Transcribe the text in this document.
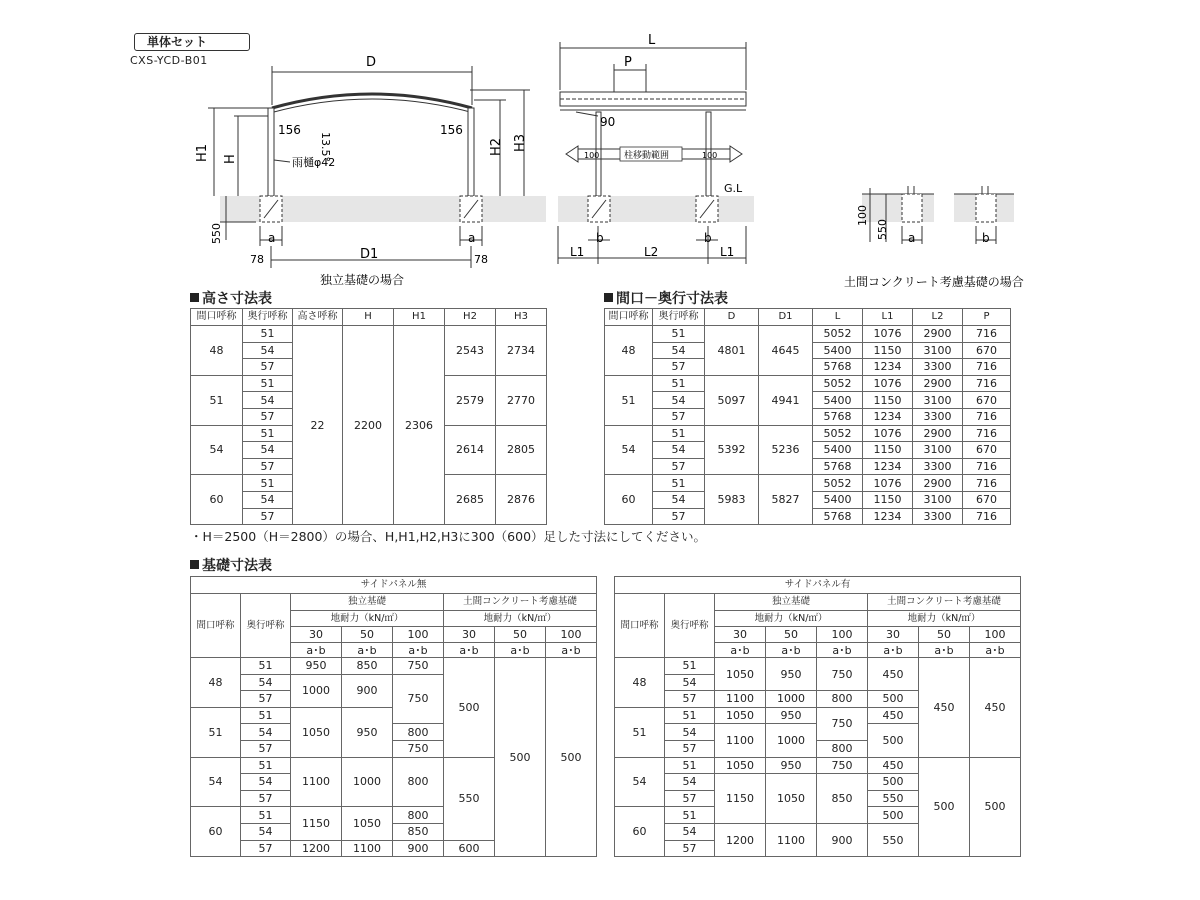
単体セット
CXS-YCD-B01	D
H1 H
156	156
13.5°
雨樋φ42
H2 H3
550	a	a
D1
78	78
独立基礎の場合
L
P
90
柱移動範囲
100	100
G.L
b	b
L1	L2	L1
100
550 a	b
土間コンクリート考慮基礎の場合
高さ寸法表
間口呼称	奥行呼称	高さ呼称	H	H1	H2	H3
48	51	22	2200	2306	2543	2734
	54					
	57					
51	51				2579	2770
	54					
	57					
54	51				2614	2805
	54					
	57					
60	51				2685	2876
	54					
	57					
間口－奥行寸法表
間口呼称	奥行呼称	D	D1	L	L1	L2	P
48	51	4801	4645	5052	1076	2900	716
	54			5400	1150	3100	670
	57			5768	1234	3300	716
51	51	5097	4941	5052	1076	2900	716
	54			5400	1150	3100	670
	57			5768	1234	3300	716
54	51	5392	5236	5052	1076	2900	716
	54			5400	1150	3100	670
	57			5768	1234	3300	716
60	51	5983	5827	5052	1076	2900	716
	54			5400	1150	3100	670
	57			5768	1234	3300	716
・H＝2500（H＝2800）の場合、H,H1,H2,H3に300（600）足した寸法にしてください。
基礎寸法表
サイドパネル無							
間口呼称	奥行呼称	独立基礎			土間コンクリート考慮基礎		
		地耐力（kN/㎡）			地耐力（kN/㎡）		
		30	50	100	30	50	100
		a･b	a･b	a･b	a･b	a･b	a･b
48	51	950	850	750	500	500	500
	54	1000	900	750			
	57						
51	51	1050	950				
	54			800			
	57			750			
54	51	1100	1000	800	550		
	54						
	57						
60	51	1150	1050	800			
	54			850			
	57	1200	1100	900	600		
サイドパネル有							
間口呼称	奥行呼称	独立基礎			土間コンクリート考慮基礎		
		地耐力（kN/㎡）			地耐力（kN/㎡）		
		30	50	100	30	50	100
		a･b	a･b	a･b	a･b	a･b	a･b
48	51	1050	950	750	450	450	450
	54						
	57	1100	1000	800	500		
51	51	1050	950	750	450		
	54	1100	1000		500		
	57			800			
54	51	1050	950	750	450	500	500
	54	1150	1050	850	500		
	57				550		
60	51				500		
	54	1200	1100	900	550		
	57						
